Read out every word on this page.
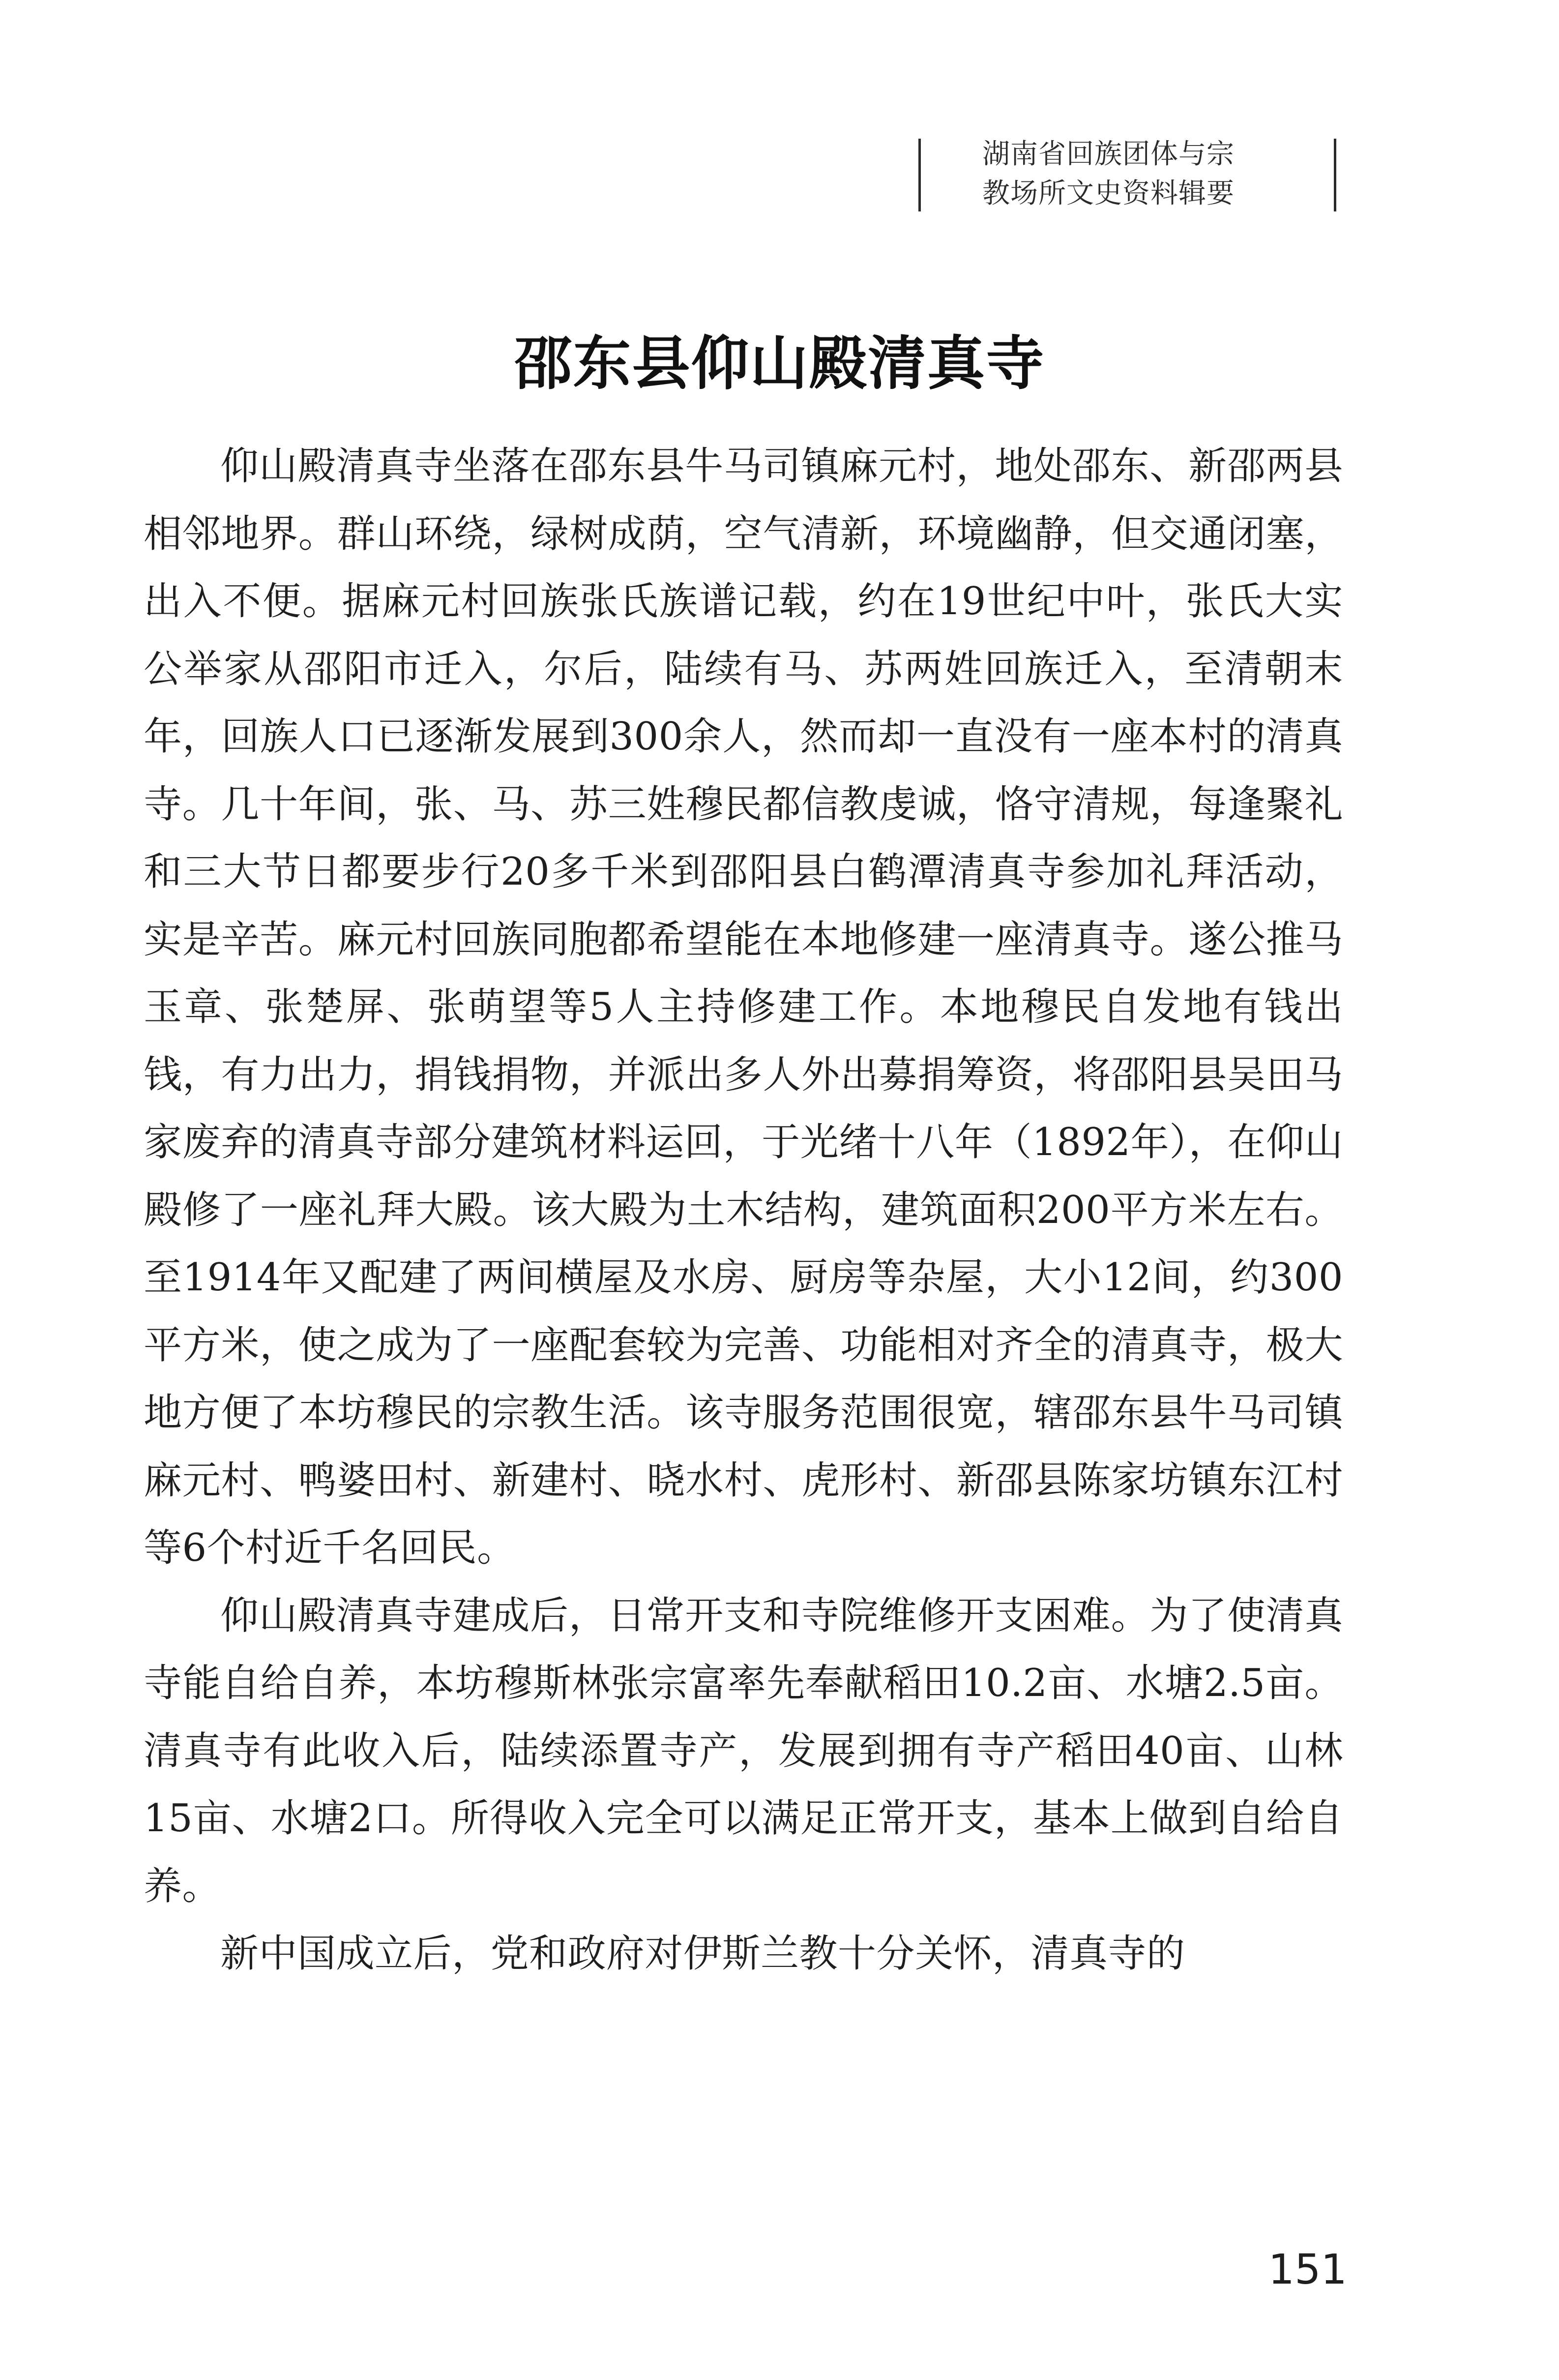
湖南省回族团体与宗
教场所文史资料辑要
邵东县仰山殿清真寺

仰山殿清真寺坐落在邵东县牛马司镇麻元村，地处邵东、新邵两县相邻地界。群山环绕，绿树成荫，空气清新，环境幽静，但交通闭塞，出入不便。据麻元村回族张氏族谱记载，约在19世纪中叶，张氏大实公举家从邵阳市迁入，尔后，陆续有马、苏两姓回族迁入，至清朝末年，回族人口已逐渐发展到300余人，然而却一直没有一座本村的清真寺。几十年间，张、马、苏三姓穆民都信教虔诚，恪守清规，每逢聚礼和三大节日都要步行20多千米到邵阳县白鹤潭清真寺参加礼拜活动，实是辛苦。麻元村回族同胞都希望能在本地修建一座清真寺。遂公推马玉章、张楚屏、张萌望等5人主持修建工作。本地穆民自发地有钱出钱，有力出力，捐钱捐物，并派出多人外出募捐筹资，将邵阳县吴田马家废弃的清真寺部分建筑材料运回，于光绪十八年（1892年），在仰山殿修了一座礼拜大殿。该大殿为土木结构，建筑面积200平方米左右。至1914年又配建了两间横屋及水房、厨房等杂屋，大小12间，约300平方米，使之成为了一座配套较为完善、功能相对齐全的清真寺，极大地方便了本坊穆民的宗教生活。该寺服务范围很宽，辖邵东县牛马司镇麻元村、鸭婆田村、新建村、晓水村、虎形村、新邵县陈家坊镇东江村等6个村近千名回民。

仰山殿清真寺建成后，日常开支和寺院维修开支困难。为了使清真寺能自给自养，本坊穆斯林张宗富率先奉献稻田10.2亩、水塘2.5亩。清真寺有此收入后，陆续添置寺产，发展到拥有寺产稻田40亩、山林15亩、水塘2口。所得收入完全可以满足正常开支，基本上做到自给自养。

新中国成立后，党和政府对伊斯兰教十分关怀，清真寺的

151
